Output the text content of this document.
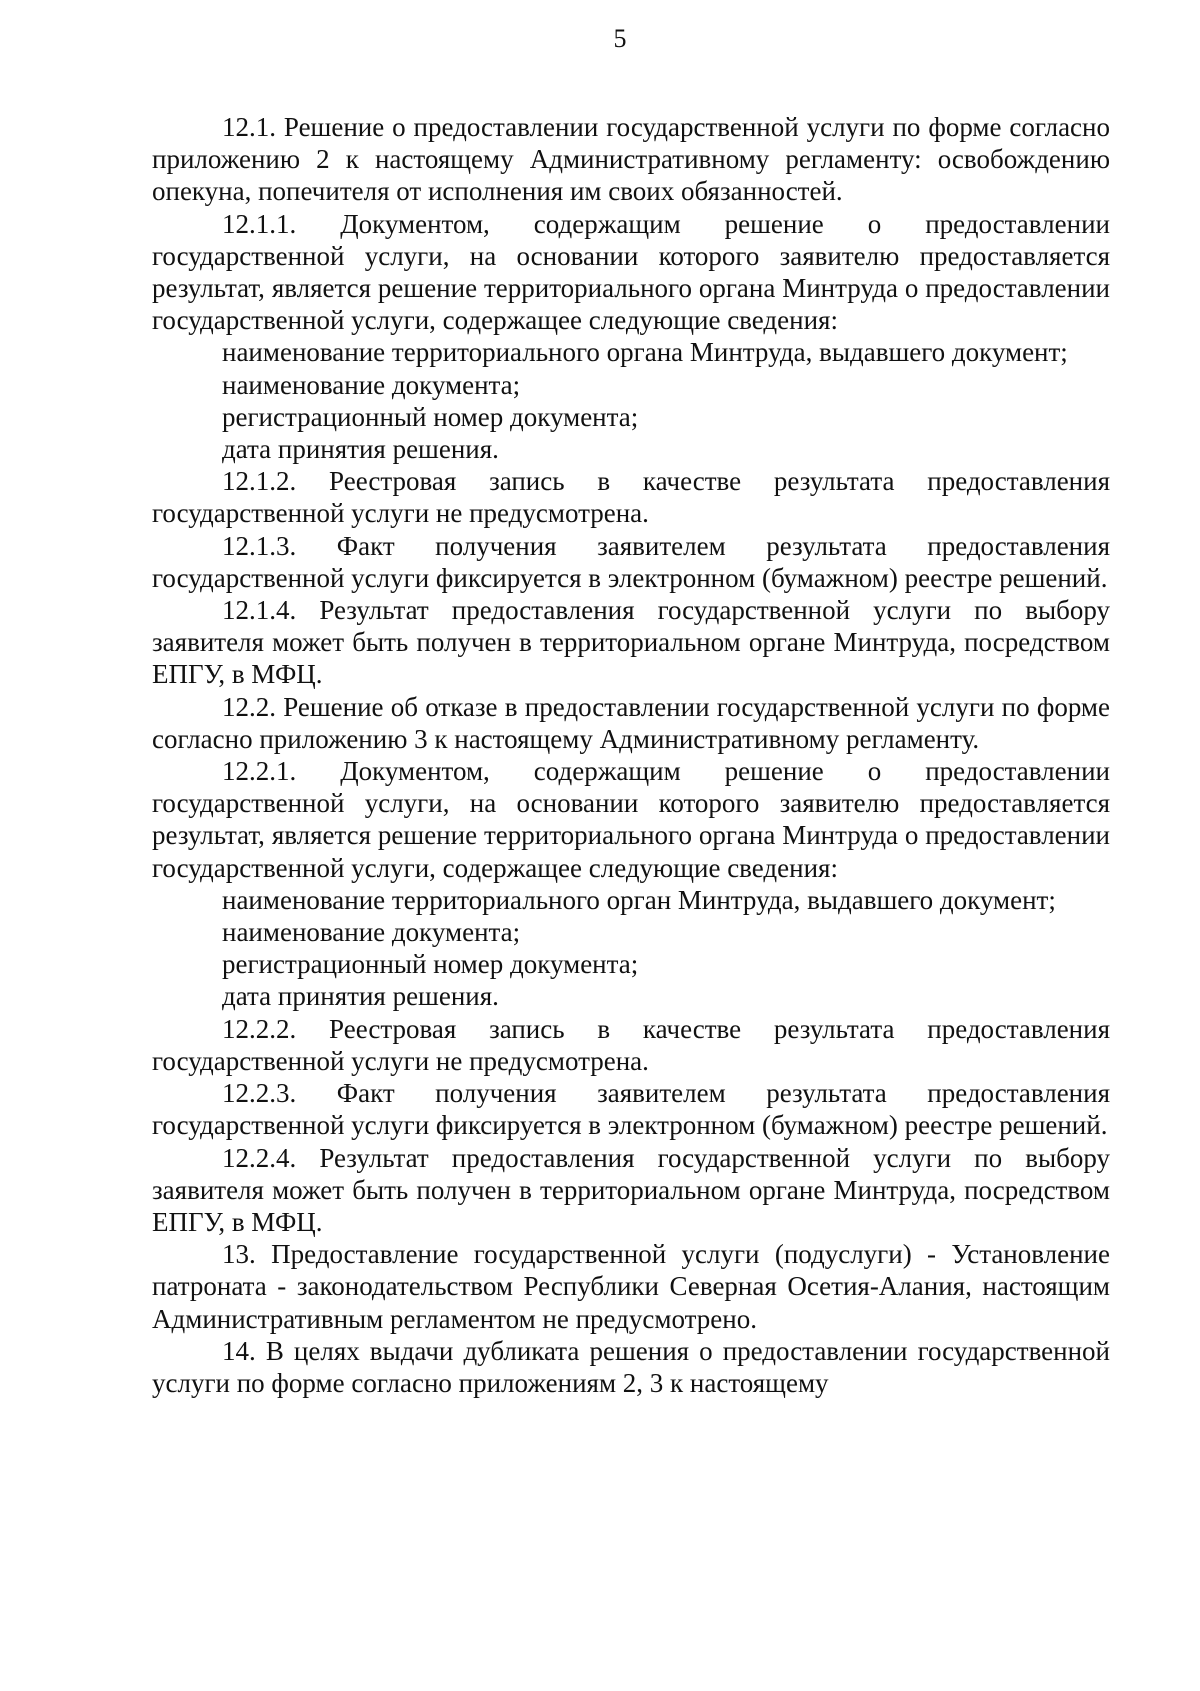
5

12.1. Решение о предоставлении государственной услуги по форме согласно приложению 2 к настоящему Административному регламенту: освобождению опекуна, попечителя от исполнения им своих обязанностей.

12.1.1. Документом, содержащим решение о предоставлении государственной услуги, на основании которого заявителю предоставляется результат, является решение территориального органа Минтруда о предоставлении государственной услуги, содержащее следующие сведения:

наименование территориального органа Минтруда, выдавшего документ;

наименование документа;

регистрационный номер документа;

дата принятия решения.

12.1.2. Реестровая запись в качестве результата предоставления государственной услуги не предусмотрена.

12.1.3. Факт получения заявителем результата предоставления государственной услуги фиксируется в электронном (бумажном) реестре решений.

12.1.4. Результат предоставления государственной услуги по выбору заявителя может быть получен в территориальном органе Минтруда, посредством ЕПГУ, в МФЦ.

12.2. Решение об отказе в предоставлении государственной услуги по форме согласно приложению 3 к настоящему Административному регламенту.

12.2.1. Документом, содержащим решение о предоставлении государственной услуги, на основании которого заявителю предоставляется результат, является решение территориального органа Минтруда о предоставлении государственной услуги, содержащее следующие сведения:

наименование территориального орган Минтруда, выдавшего документ;

наименование документа;

регистрационный номер документа;

дата принятия решения.

12.2.2. Реестровая запись в качестве результата предоставления государственной услуги не предусмотрена.

12.2.3. Факт получения заявителем результата предоставления государственной услуги фиксируется в электронном (бумажном) реестре решений.

12.2.4. Результат предоставления государственной услуги по выбору заявителя может быть получен в территориальном органе Минтруда, посредством ЕПГУ, в МФЦ.

13. Предоставление государственной услуги (подуслуги) - Установление патроната - законодательством Республики Северная Осетия-Алания, настоящим Административным регламентом не предусмотрено.

14. В целях выдачи дубликата решения о предоставлении государственной услуги по форме согласно приложениям 2, 3 к настоящему
